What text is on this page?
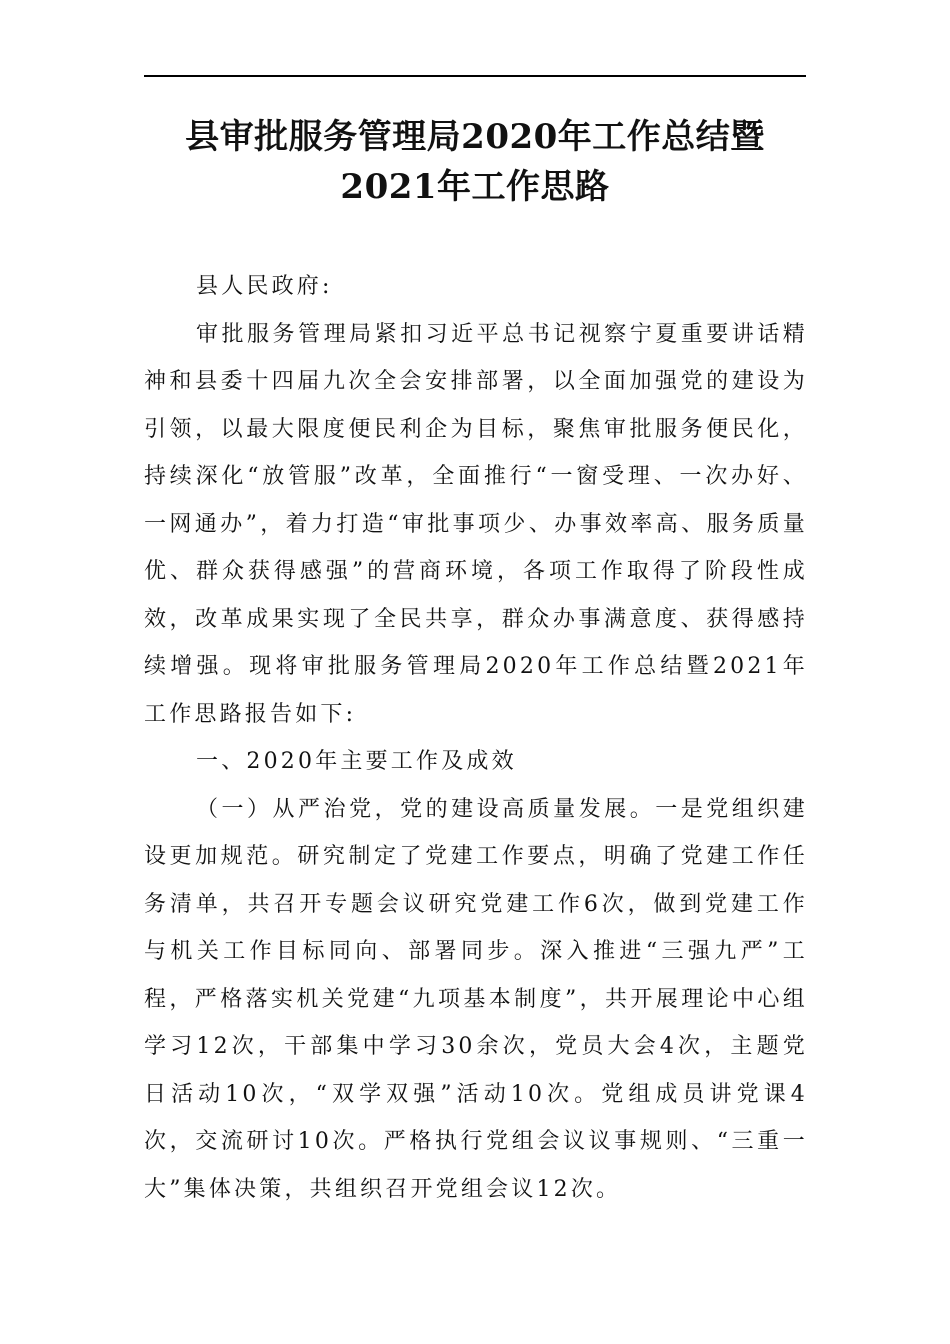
县审批服务管理局2020年工作总结暨2021年工作思路

县人民政府:

审批服务管理局紧扣习近平总书记视察宁夏重要讲话精神和县委十四届九次全会安排部署，以全面加强党的建设为引领，以最大限度便民利企为目标，聚焦审批服务便民化，持续深化“放管服”改革，全面推行“一窗受理、一次办好、一网通办”，着力打造“审批事项少、办事效率高、服务质量优、群众获得感强”的营商环境，各项工作取得了阶段性成效，改革成果实现了全民共享，群众办事满意度、获得感持续增强。现将审批服务管理局2020年工作总结暨2021年工作思路报告如下:

一、2020年主要工作及成效

（一）从严治党，党的建设高质量发展。一是党组织建设更加规范。研究制定了党建工作要点，明确了党建工作任务清单，共召开专题会议研究党建工作6次，做到党建工作与机关工作目标同向、部署同步。深入推进“三强九严”工程，严格落实机关党建“九项基本制度”，共开展理论中心组学习12次，干部集中学习30余次，党员大会4次，主题党日活动10次，“双学双强”活动10次。党组成员讲党课4次，交流研讨10次。严格执行党组会议议事规则、“三重一大”集体决策，共组织召开党组会议12次。
